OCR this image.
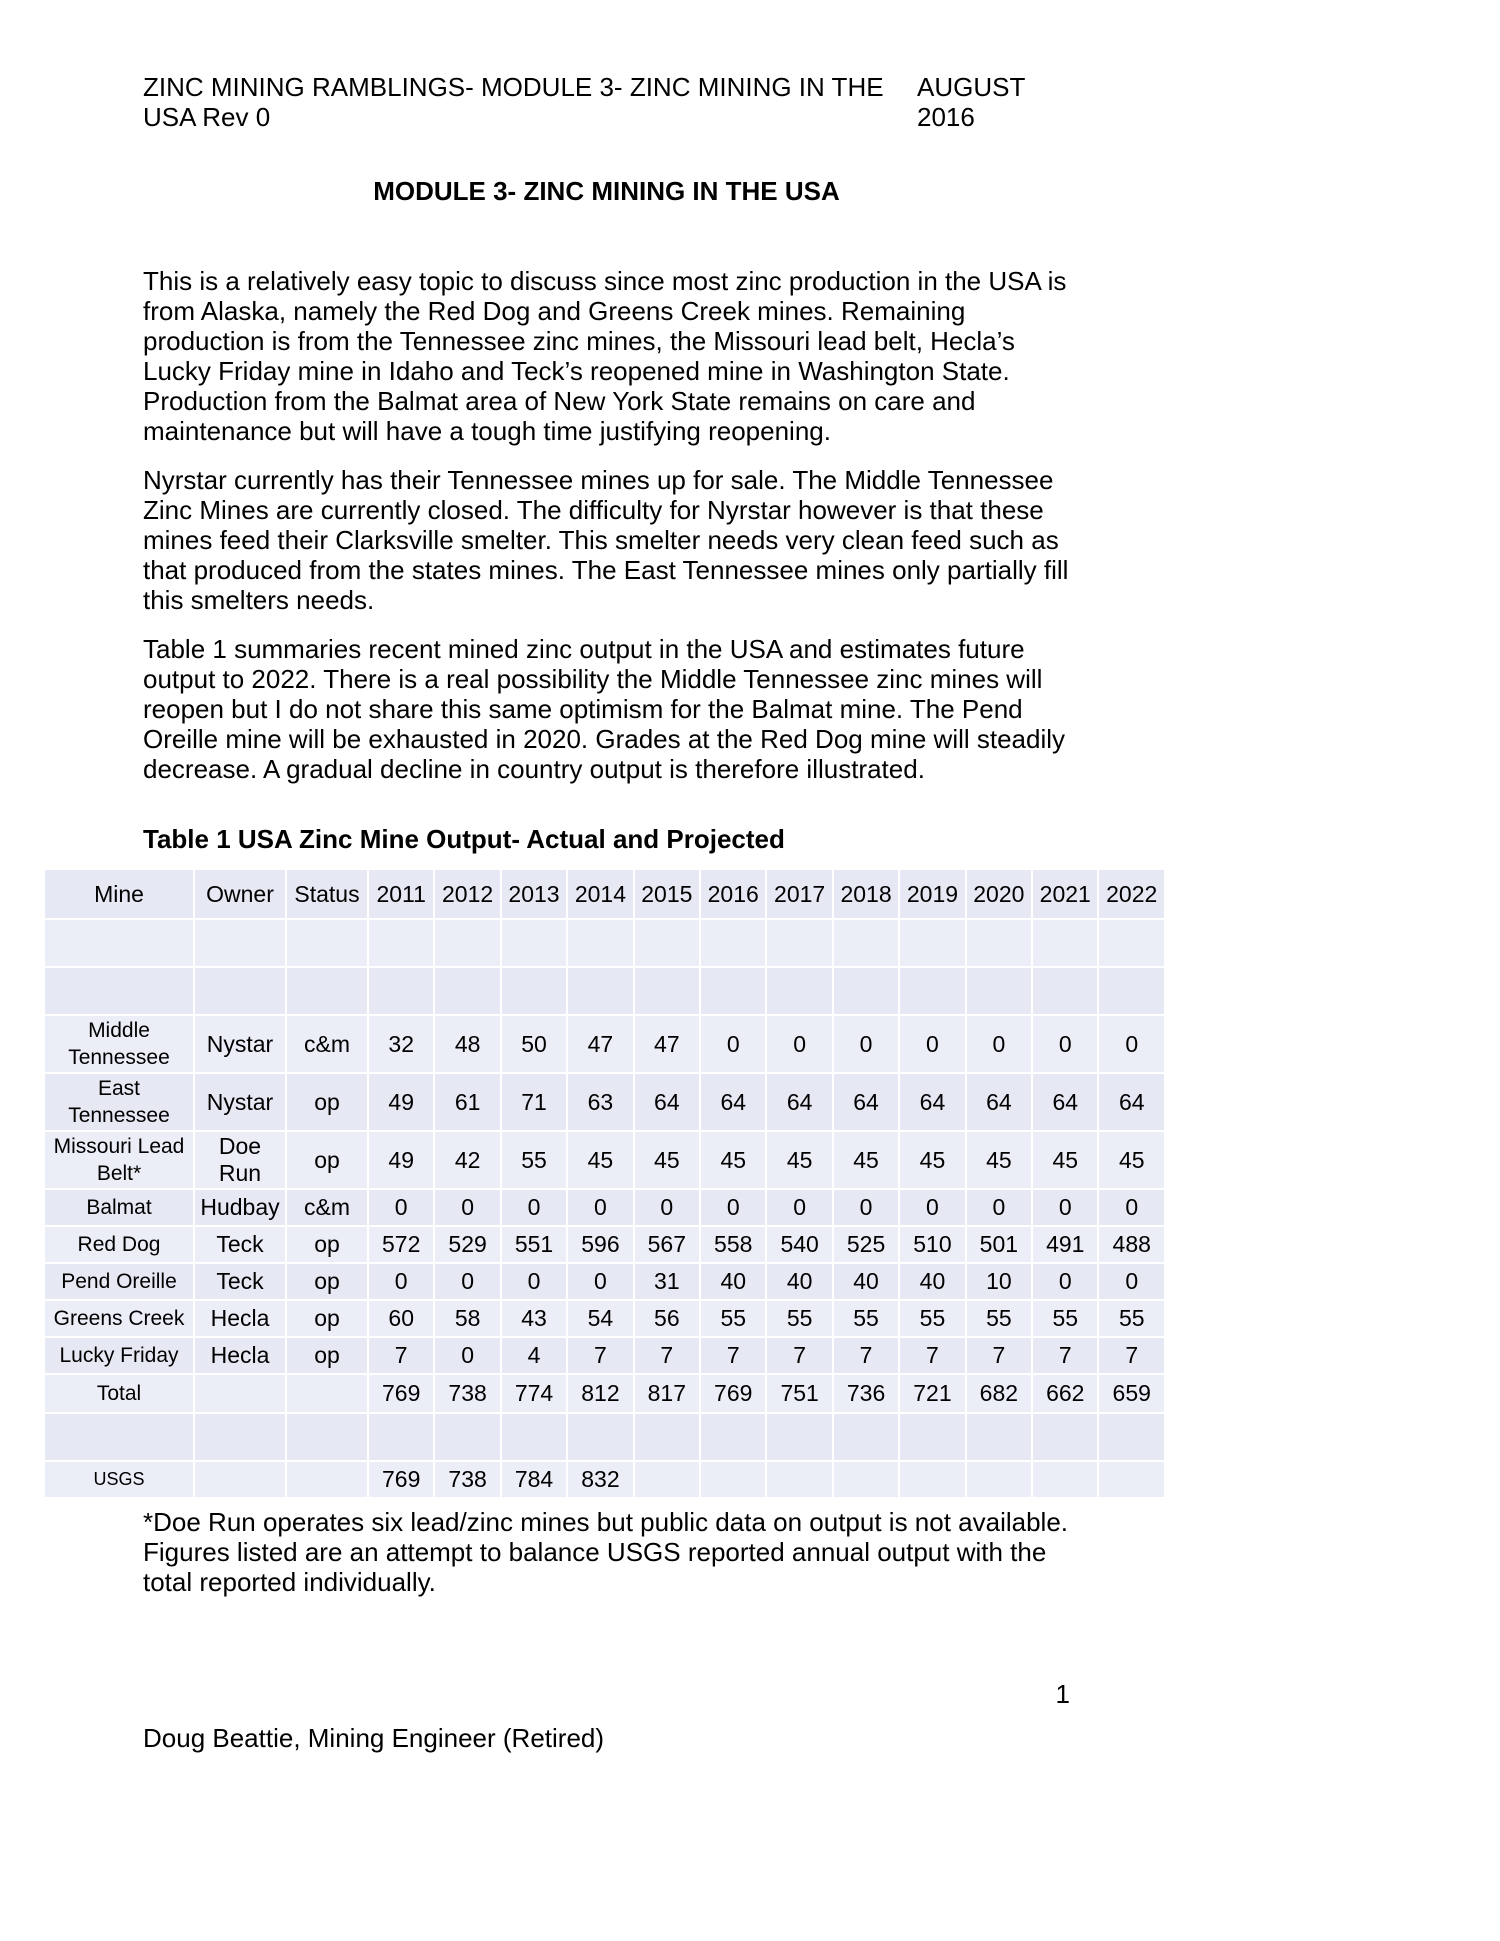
ZINC MINING RAMBLINGS- MODULE 3- ZINC MINING IN THE USA Rev 0
AUGUST 2016
MODULE 3- ZINC MINING IN THE USA

This is a relatively easy topic to discuss since most zinc production in the USA is from Alaska, namely the Red Dog and Greens Creek mines. Remaining production is from the Tennessee zinc mines, the Missouri lead belt, Hecla’s Lucky Friday mine in Idaho and Teck’s reopened mine in Washington State. Production from the Balmat area of New York State remains on care and maintenance but will have a tough time justifying reopening.

Nyrstar currently has their Tennessee mines up for sale. The Middle Tennessee Zinc Mines are currently closed. The difficulty for Nyrstar however is that these mines feed their Clarksville smelter. This smelter needs very clean feed such as that produced from the states mines. The East Tennessee mines only partially fill this smelters needs.

Table 1 summaries recent mined zinc output in the USA and estimates future output to 2022. There is a real possibility the Middle Tennessee zinc mines will reopen but I do not share this same optimism for the Balmat mine. The Pend Oreille mine will be exhausted in 2020. Grades at the Red Dog mine will steadily decrease. A gradual decline in country output is therefore illustrated.

Table 1 USA Zinc Mine Output- Actual and Projected
Mine	Owner	Status	2011	2012	2013	2014	2015	2016	2017	2018	2019	2020	2021	2022

Middle Tennessee	Nystar	c&m	32	48	50	47	47	0	0	0	0	0	0	0
East Tennessee	Nystar	op	49	61	71	63	64	64	64	64	64	64	64	64
Missouri Lead Belt*	Doe Run	op	49	42	55	45	45	45	45	45	45	45	45	45
Balmat	Hudbay	c&m	0	0	0	0	0	0	0	0	0	0	0	0
Red Dog	Teck	op	572	529	551	596	567	558	540	525	510	501	491	488
Pend Oreille	Teck	op	0	0	0	0	31	40	40	40	40	10	0	0
Greens Creek	Hecla	op	60	58	43	54	56	55	55	55	55	55	55	55
Lucky Friday	Hecla	op	7	0	4	7	7	7	7	7	7	7	7	7
Total			769	738	774	812	817	769	751	736	721	682	662	659

USGS			769	738	784	832								

*Doe Run operates six lead/zinc mines but public data on output is not available. Figures listed are an attempt to balance USGS reported annual output with the total reported individually.

1

Doug Beattie, Mining Engineer (Retired)
